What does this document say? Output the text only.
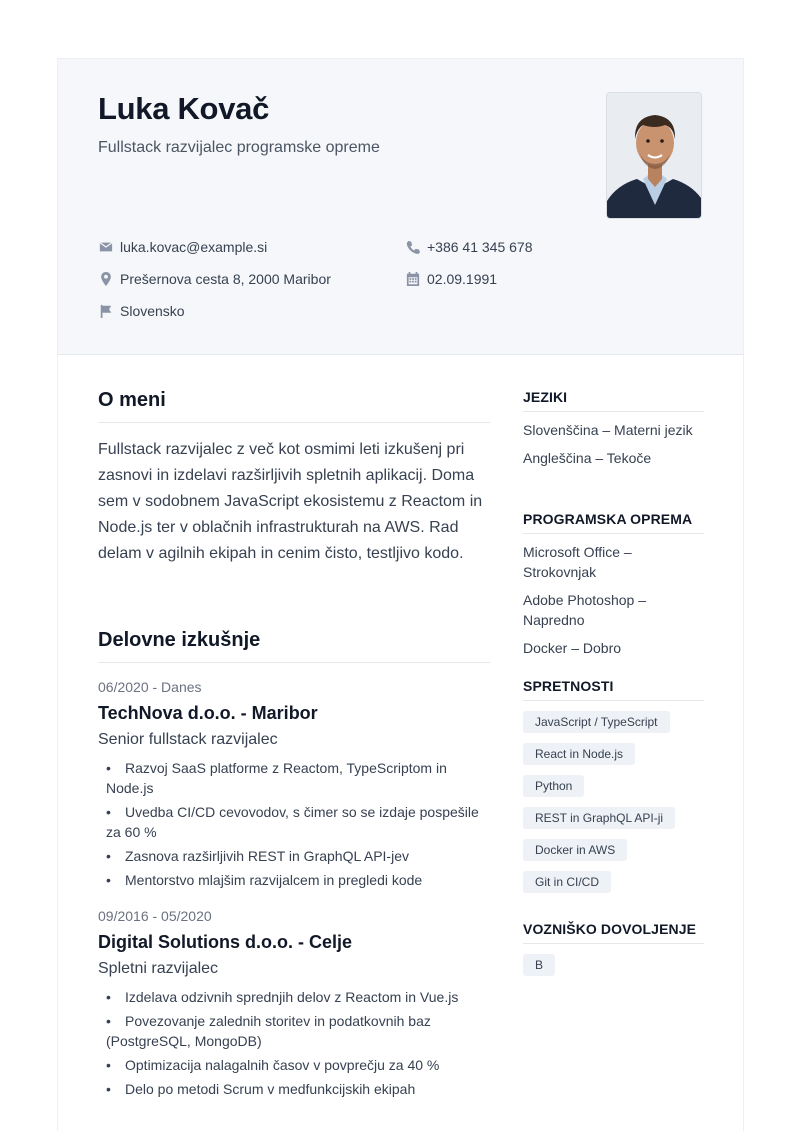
Luka Kovač
Fullstack razvijalec programske opreme
luka.kovac@example.si	+386 41 345 678
Prešernova cesta 8, 2000 Maribor	02.09.1991
Slovensko
O meni

Fullstack razvijalec z več kot osmimi leti izkušenj pri zasnovi in izdelavi razširljivih spletnih aplikacij. Doma sem v sodobnem JavaScript ekosistemu z Reactom in Node.js ter v oblačnih infrastrukturah na AWS. Rad delam v agilnih ekipah in cenim čisto, testljivo kodo.

Delovne izkušnje
06/2020 - Danes
TechNova d.o.o. - Maribor
Senior fullstack razvijalec
• Razvoj SaaS platforme z Reactom, TypeScriptom in Node.js
• Uvedba CI/CD cevovodov, s čimer so se izdaje pospešile za 60 %
• Zasnova razširljivih REST in GraphQL API-jev
• Mentorstvo mlajšim razvijalcem in pregledi kode
09/2016 - 05/2020
Digital Solutions d.o.o. - Celje
Spletni razvijalec
• Izdelava odzivnih sprednjih delov z Reactom in Vue.js
• Povezovanje zalednih storitev in podatkovnih baz (PostgreSQL, MongoDB)
• Optimizacija nalagalnih časov v povprečju za 40 %
• Delo po metodi Scrum v medfunkcijskih ekipah
JEZIKI
Slovenščina – Materni jezik
Angleščina – Tekoče
PROGRAMSKA OPREMA
Microsoft Office – Strokovnjak
Adobe Photoshop – Napredno
Docker – Dobro
SPRETNOSTI
JavaScript / TypeScript
React in Node.js
Python
REST in GraphQL API-ji
Docker in AWS
Git in CI/CD
VOZNIŠKO DOVOLJENJE
B
